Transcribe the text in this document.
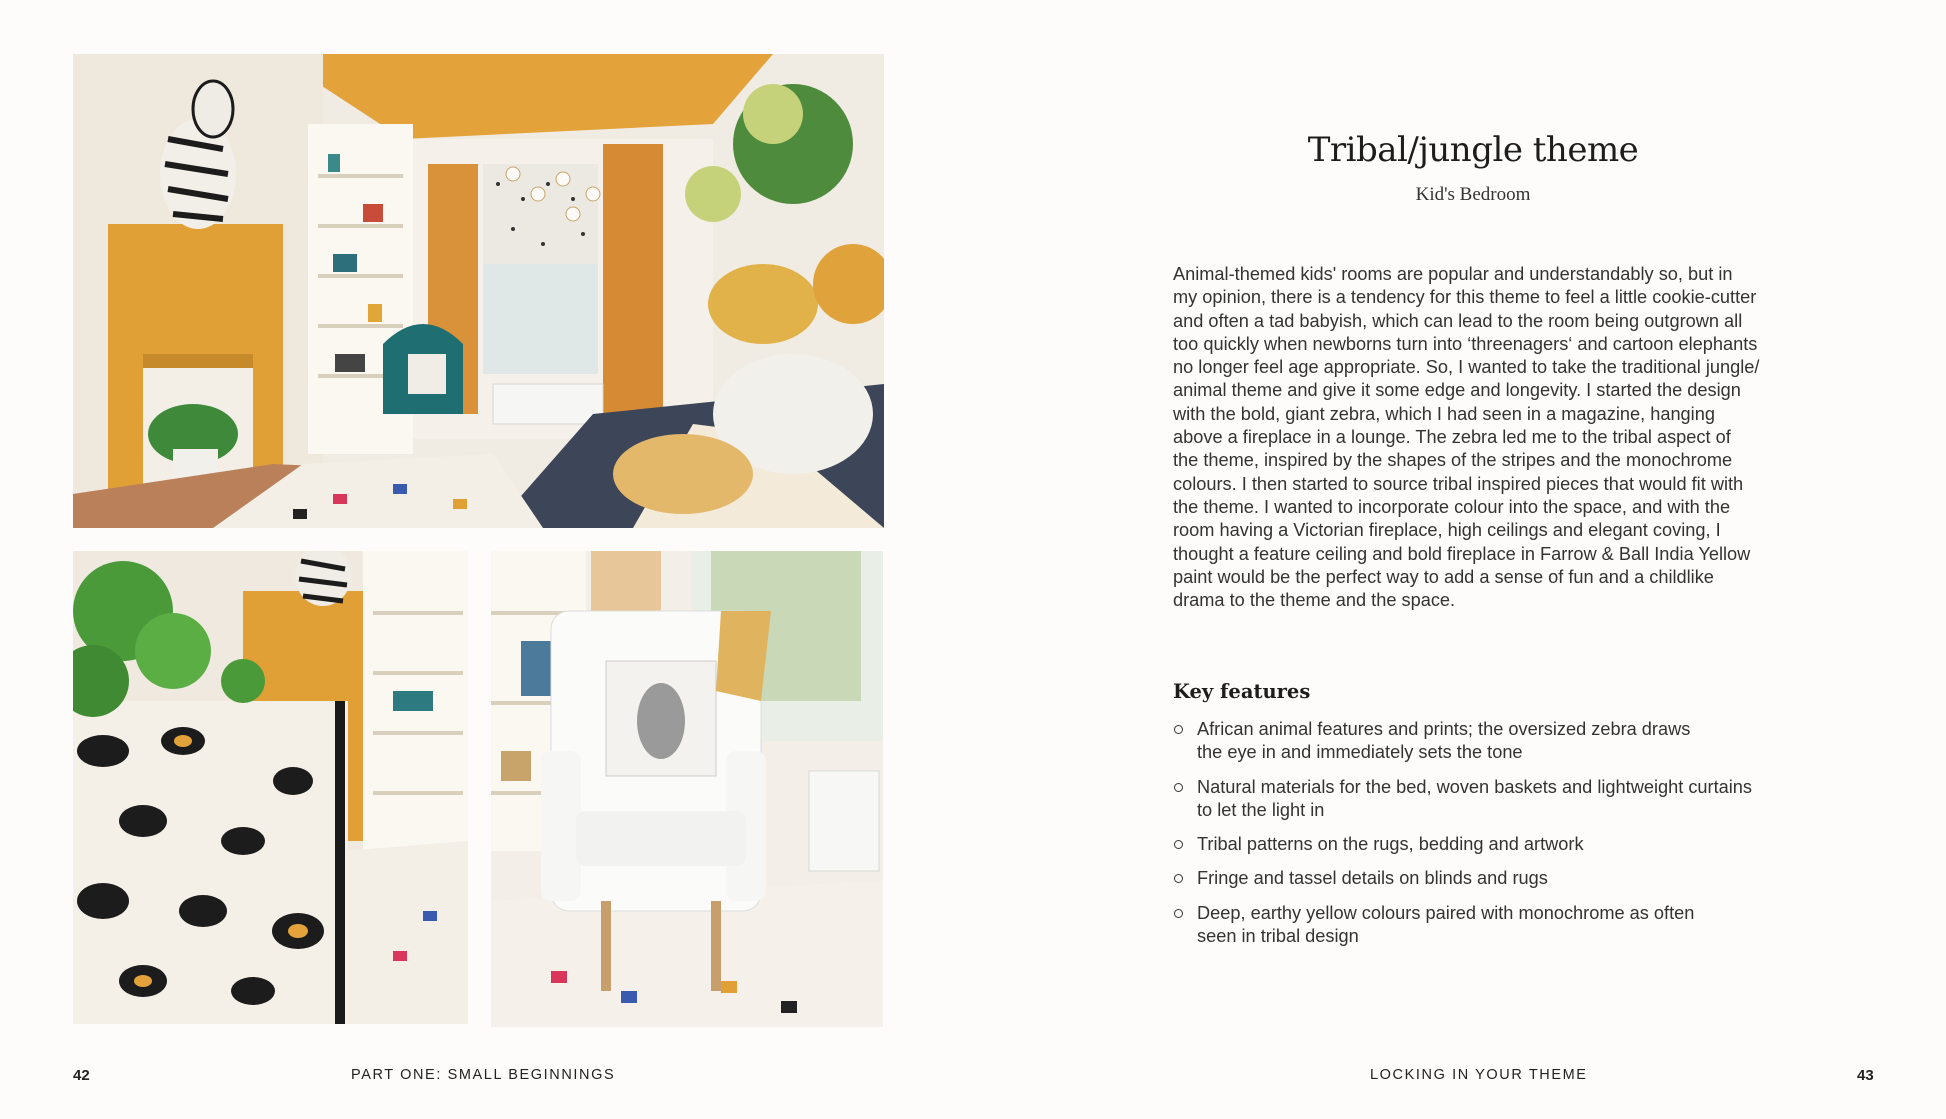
Tribal/jungle theme
Kid's Bedroom
Animal-themed kids' rooms are popular and understandably so, but in
my opinion, there is a tendency for this theme to feel a little cookie-cutter
and often a tad babyish, which can lead to the room being outgrown all
too quickly when newborns turn into ‘threenagers‘ and cartoon elephants
no longer feel age appropriate. So, I wanted to take the traditional jungle/
animal theme and give it some edge and longevity. I started the design
with the bold, giant zebra, which I had seen in a magazine, hanging
above a fireplace in a lounge. The zebra led me to the tribal aspect of
the theme, inspired by the shapes of the stripes and the monochrome
colours. I then started to source tribal inspired pieces that would fit with
the theme. I wanted to incorporate colour into the space, and with the
room having a Victorian fireplace, high ceilings and elegant coving, I
thought a feature ceiling and bold fireplace in Farrow & Ball India Yellow
paint would be the perfect way to add a sense of fun and a childlike
drama to the theme and the space.
Key features
African animal features and prints; the oversized zebra draws
the eye in and immediately sets the tone
Natural materials for the bed, woven baskets and lightweight curtains
to let the light in
Tribal patterns on the rugs, bedding and artwork
Fringe and tassel details on blinds and rugs
Deep, earthy yellow colours paired with monochrome as often
seen in tribal design
42	PART ONE: SMALL BEGINNINGS	LOCKING IN YOUR THEME	43
